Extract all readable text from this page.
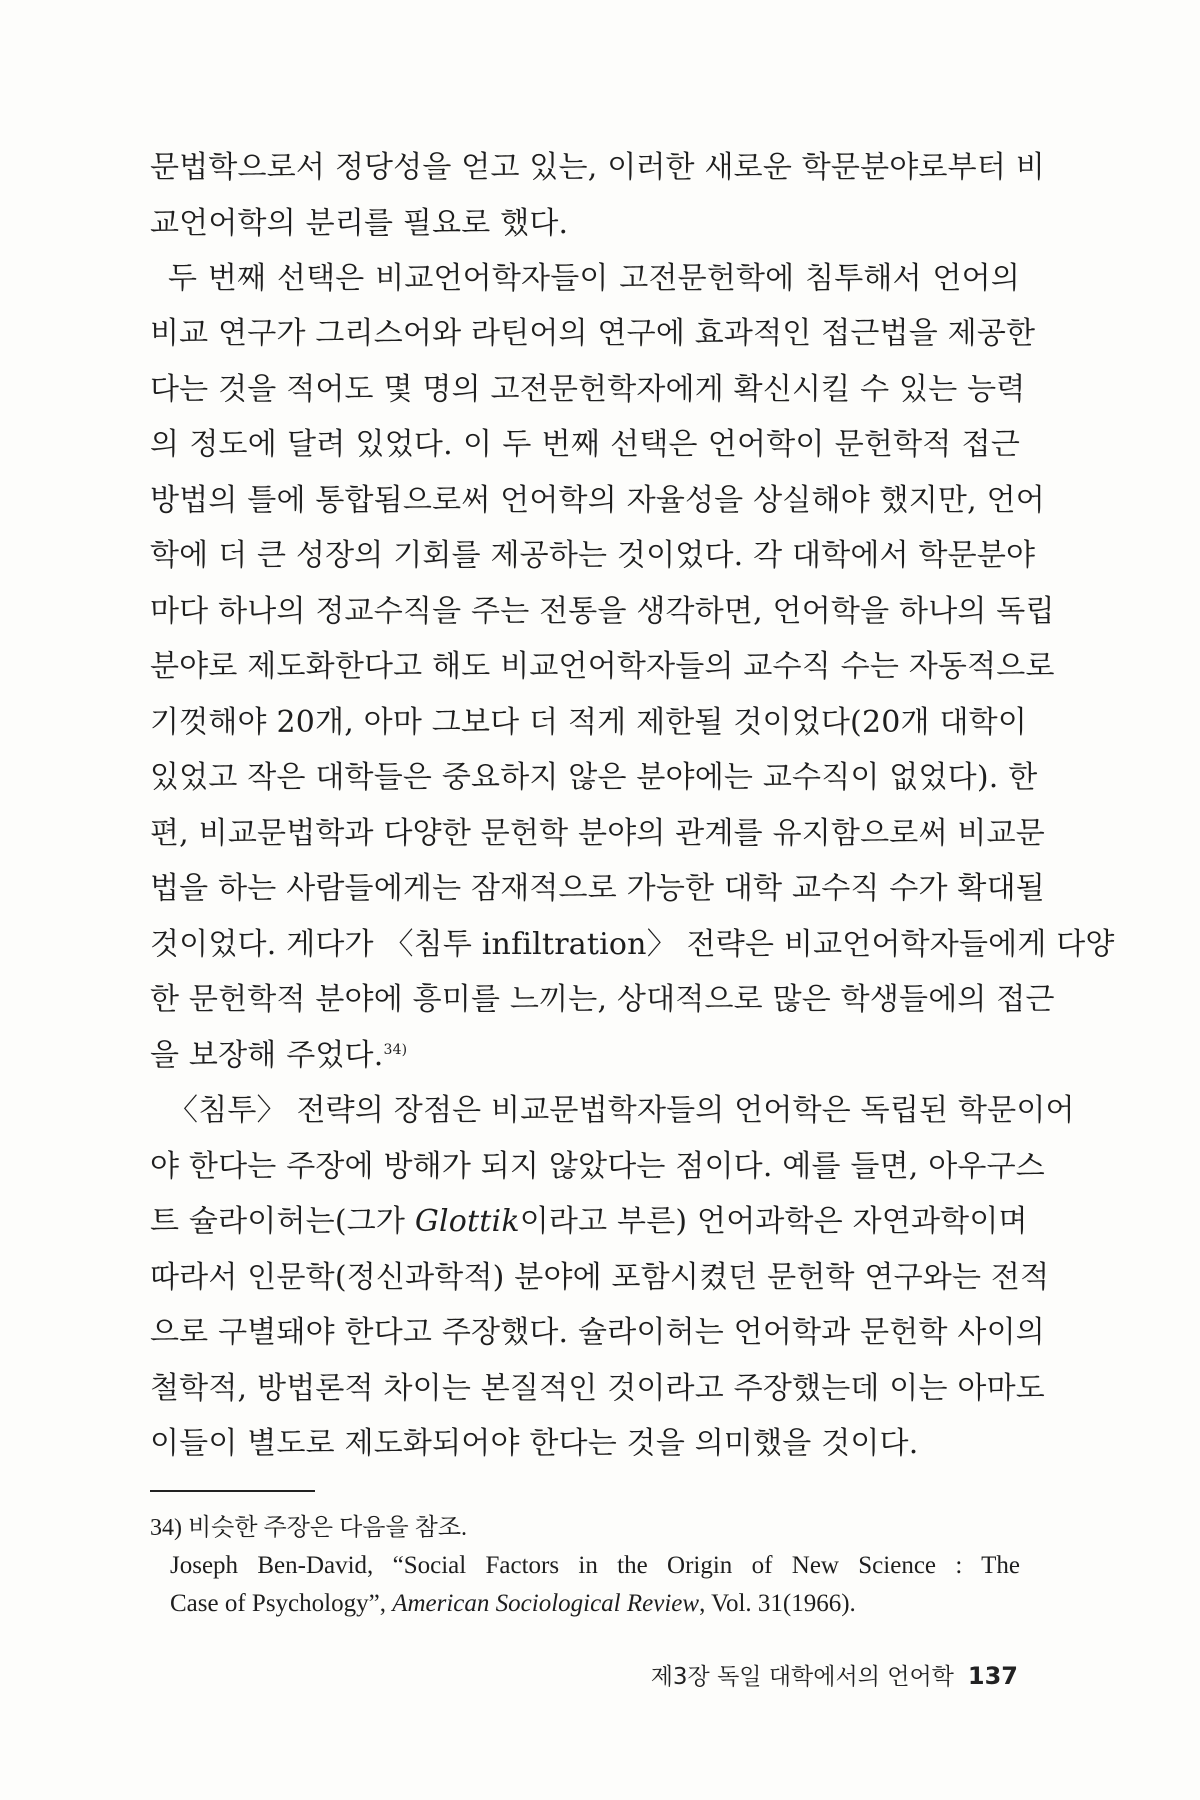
문법학으로서 정당성을 얻고 있는, 이러한 새로운 학문분야로부터 비
교언어학의 분리를 필요로 했다.
두 번째 선택은 비교언어학자들이 고전문헌학에 침투해서 언어의
비교 연구가 그리스어와 라틴어의 연구에 효과적인 접근법을 제공한
다는 것을 적어도 몇 명의 고전문헌학자에게 확신시킬 수 있는 능력
의 정도에 달려 있었다. 이 두 번째 선택은 언어학이 문헌학적 접근
방법의 틀에 통합됨으로써 언어학의 자율성을 상실해야 했지만, 언어
학에 더 큰 성장의 기회를 제공하는 것이었다. 각 대학에서 학문분야
마다 하나의 정교수직을 주는 전통을 생각하면, 언어학을 하나의 독립
분야로 제도화한다고 해도 비교언어학자들의 교수직 수는 자동적으로
기껏해야 20개, 아마 그보다 더 적게 제한될 것이었다(20개 대학이
있었고 작은 대학들은 중요하지 않은 분야에는 교수직이 없었다). 한
편, 비교문법학과 다양한 문헌학 분야의 관계를 유지함으로써 비교문
법을 하는 사람들에게는 잠재적으로 가능한 대학 교수직 수가 확대될
것이었다. 게다가 〈침투 infiltration〉 전략은 비교언어학자들에게 다양
한 문헌학적 분야에 흥미를 느끼는, 상대적으로 많은 학생들에의 접근
을 보장해 주었다.$^{34)}$
〈침투〉 전략의 장점은 비교문법학자들의 언어학은 독립된 학문이어
야 한다는 주장에 방해가 되지 않았다는 점이다. 예를 들면, 아우구스
트 슐라이허는(그가 Glottik이라고 부른) 언어과학은 자연과학이며
따라서 인문학(정신과학적) 분야에 포함시켰던 문헌학 연구와는 전적
으로 구별돼야 한다고 주장했다. 슐라이허는 언어학과 문헌학 사이의
철학적, 방법론적 차이는 본질적인 것이라고 주장했는데 이는 아마도
이들이 별도로 제도화되어야 한다는 것을 의미했을 것이다.
34) 비슷한 주장은 다음을 참조.
Joseph Ben-David, “Social Factors in the Origin of New Science : The
Case of Psychology”, American Sociological Review, Vol. 31(1966).
제3장 독일 대학에서의 언어학 137
